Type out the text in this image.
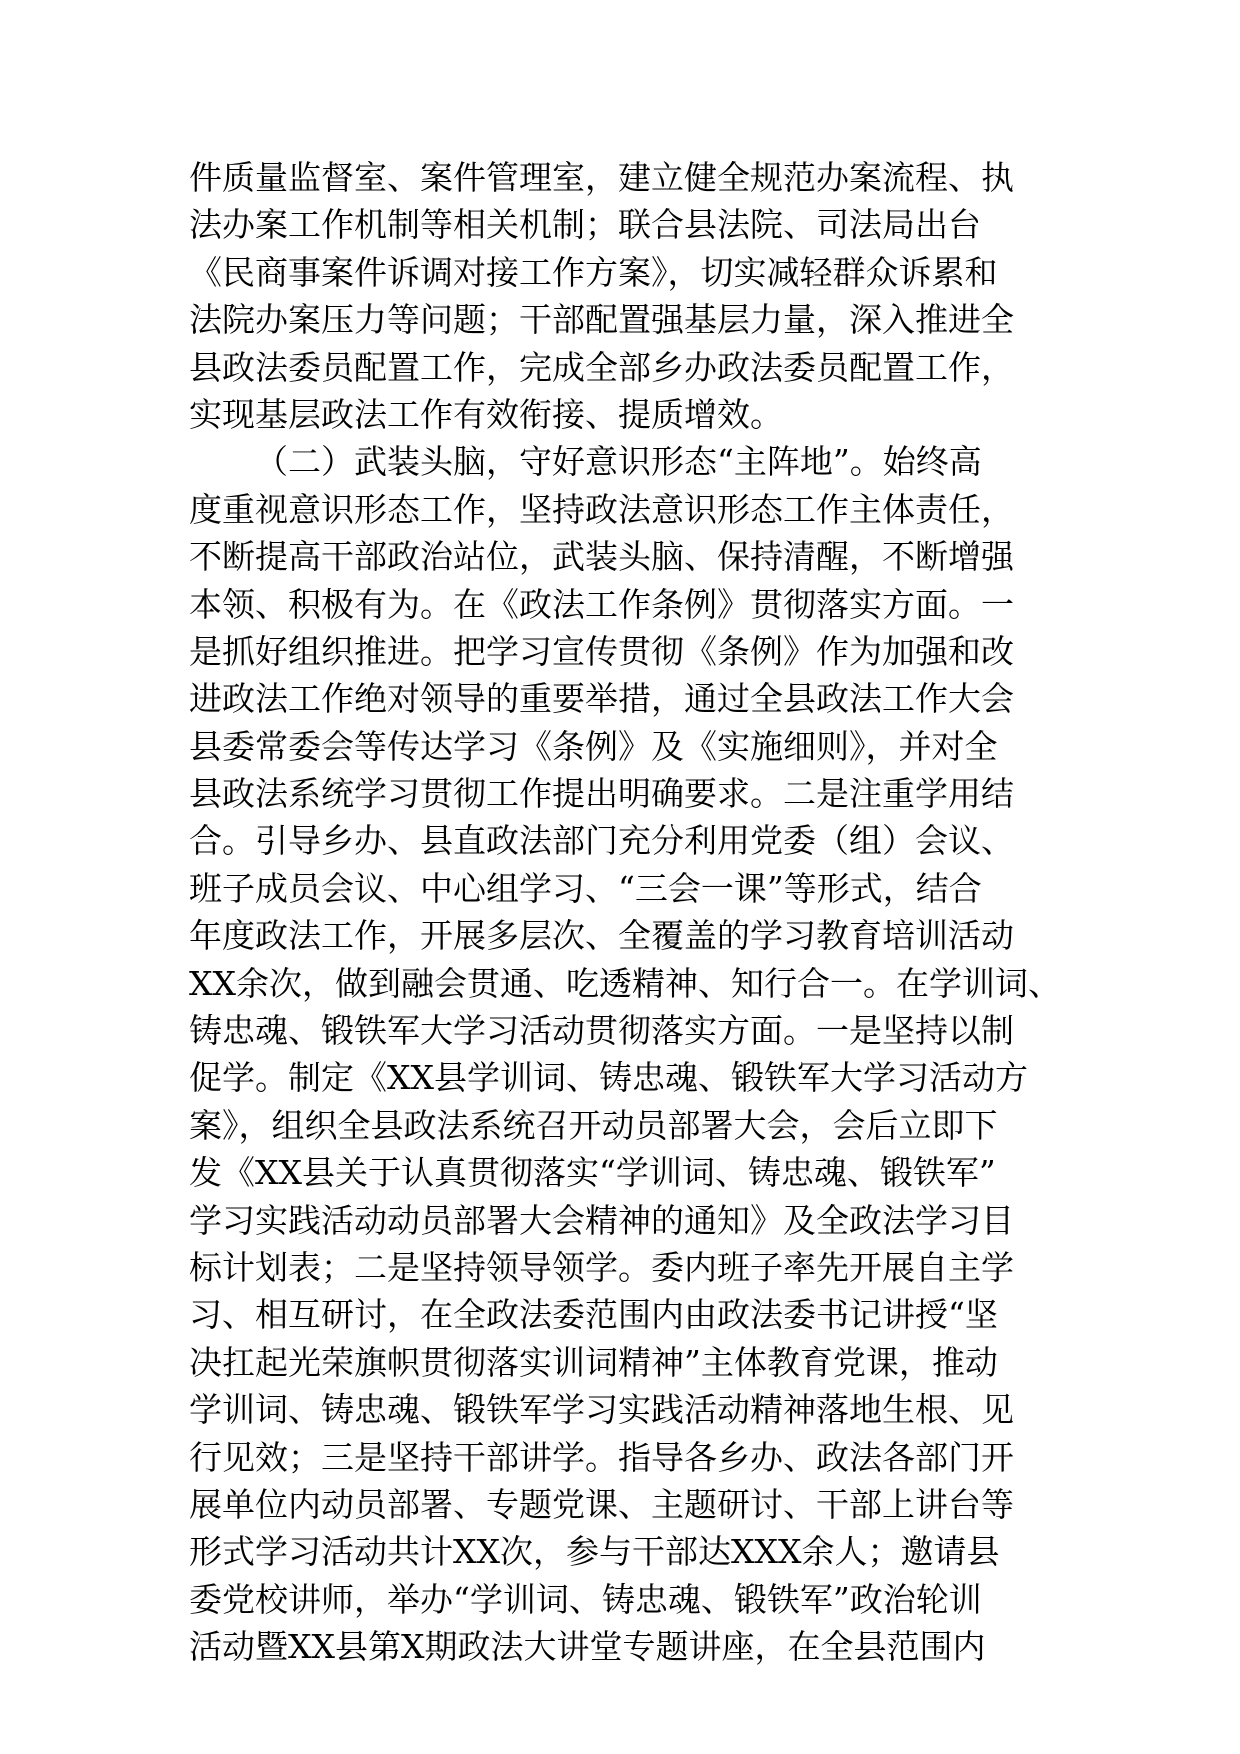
件质量监督室、案件管理室，建立健全规范办案流程、执
法办案工作机制等相关机制；联合县法院、司法局出台
《民商事案件诉调对接工作方案》，切实减轻群众诉累和
法院办案压力等问题；干部配置强基层力量，深入推进全
县政法委员配置工作，完成全部乡办政法委员配置工作，
实现基层政法工作有效衔接、提质增效。
（二）武装头脑，守好意识形态“主阵地”。始终高
度重视意识形态工作，坚持政法意识形态工作主体责任，
不断提高干部政治站位，武装头脑、保持清醒，不断增强
本领、积极有为。在《政法工作条例》贯彻落实方面。一
是抓好组织推进。把学习宣传贯彻《条例》作为加强和改
进政法工作绝对领导的重要举措，通过全县政法工作大会
县委常委会等传达学习《条例》及《实施细则》，并对全
县政法系统学习贯彻工作提出明确要求。二是注重学用结
合。引导乡办、县直政法部门充分利用党委（组）会议、
班子成员会议、中心组学习、“三会一课”等形式，结合
年度政法工作，开展多层次、全覆盖的学习教育培训活动
XX余次，做到融会贯通、吃透精神、知行合一。在学训词、
铸忠魂、锻铁军大学习活动贯彻落实方面。一是坚持以制
促学。制定《XX县学训词、铸忠魂、锻铁军大学习活动方
案》，组织全县政法系统召开动员部署大会，会后立即下
发《XX县关于认真贯彻落实“学训词、铸忠魂、锻铁军”
学习实践活动动员部署大会精神的通知》及全政法学习目
标计划表；二是坚持领导领学。委内班子率先开展自主学
习、相互研讨，在全政法委范围内由政法委书记讲授“坚
决扛起光荣旗帜贯彻落实训词精神”主体教育党课，推动
学训词、铸忠魂、锻铁军学习实践活动精神落地生根、见
行见效；三是坚持干部讲学。指导各乡办、政法各部门开
展单位内动员部署、专题党课、主题研讨、干部上讲台等
形式学习活动共计XX次，参与干部达XXX余人；邀请县
委党校讲师，举办“学训词、铸忠魂、锻铁军”政治轮训
活动暨XX县第X期政法大讲堂专题讲座，在全县范围内
